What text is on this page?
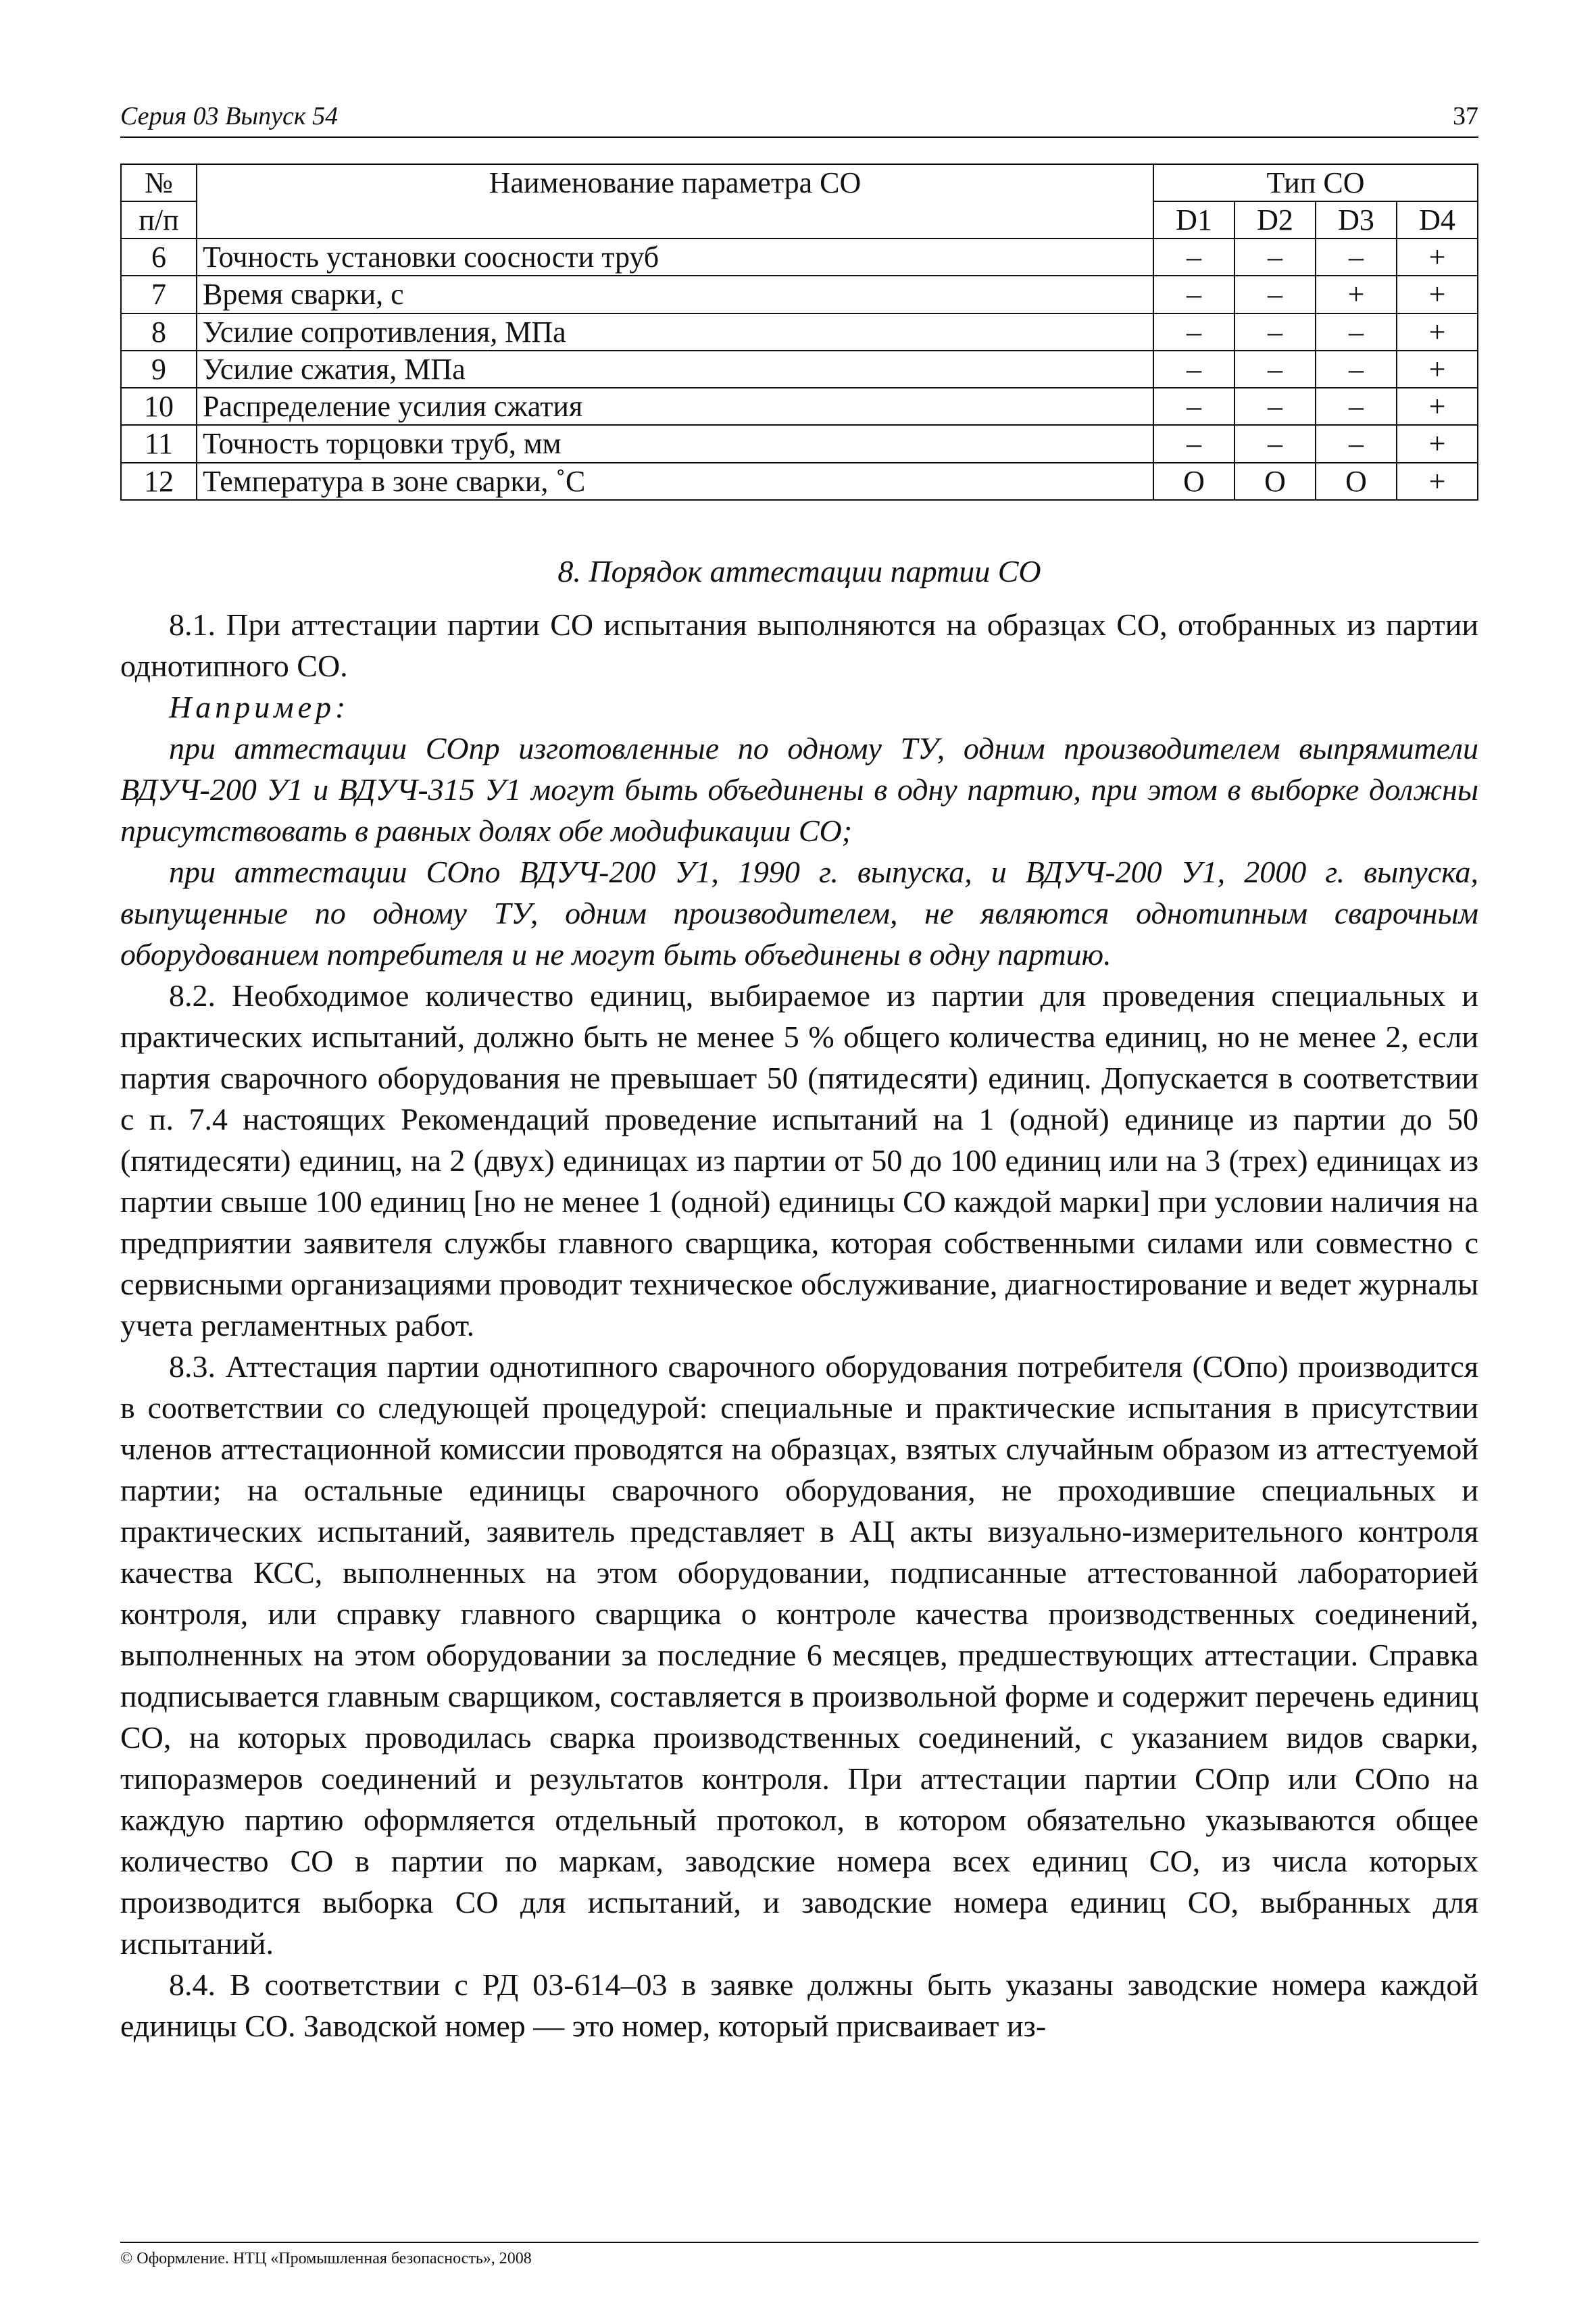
Серия 03 Выпуск 54	37
№	Наименование параметра СО	Тип СО			
п/п		D1	D2	D3	D4
6	Точность установки соосности труб	–	–	–	+
7	Время сварки, с	–	–	+	+
8	Усилие сопротивления, МПа	–	–	–	+
9	Усилие сжатия, МПа	–	–	–	+
10	Распределение усилия сжатия	–	–	–	+
11	Точность торцовки труб, мм	–	–	–	+
12	Температура в зоне сварки, ˚С	О	О	О	+
8. Порядок аттестации партии СО

8.1. При аттестации партии СО испытания выполняются на образцах СО, отобранных из партии однотипного СО.

Например:

при аттестации СОпр изготовленные по одному ТУ, одним производителем выпрямители ВДУЧ-200 У1 и ВДУЧ-315 У1 могут быть объединены в одну партию, при этом в выборке должны присутствовать в равных долях обе модификации СО;

при аттестации СОпо ВДУЧ-200 У1, 1990 г. выпуска, и ВДУЧ-200 У1, 2000 г. выпуска, выпущенные по одному ТУ, одним производителем, не являются однотипным сварочным оборудованием потребителя и не могут быть объединены в одну партию.

8.2. Необходимое количество единиц, выбираемое из партии для проведения специальных и практических испытаний, должно быть не менее 5 % общего количества единиц, но не менее 2, если партия сварочного оборудования не превышает 50 (пятидесяти) единиц. Допускается в соответствии с п. 7.4 настоящих Рекомендаций проведение испытаний на 1 (одной) единице из партии до 50 (пятидесяти) единиц, на 2 (двух) единицах из партии от 50 до 100 единиц или на 3 (трех) единицах из партии свыше 100 единиц [но не менее 1 (одной) единицы СО каждой марки] при условии наличия на предприятии заявителя службы главного сварщика, которая собственными силами или совместно с сервисными организациями проводит техническое обслуживание, диагностирование и ведет журналы учета регламентных работ.

8.3. Аттестация партии однотипного сварочного оборудования потребителя (СОпо) производится в соответствии со следующей процедурой: специальные и практические испытания в присутствии членов аттестационной комиссии проводятся на образцах, взятых случайным образом из аттестуемой партии; на остальные единицы сварочного оборудования, не проходившие специальных и практических испытаний, заявитель представляет в АЦ акты визуально-измерительного контроля качества КСС, выполненных на этом оборудовании, подписанные аттестованной лабораторией контроля, или справку главного сварщика о контроле качества производственных соединений, выполненных на этом оборудовании за последние 6 месяцев, предшествующих аттестации. Справка подписывается главным сварщиком, составляется в произвольной форме и содержит перечень единиц СО, на которых проводилась сварка производственных соединений, с указанием видов сварки, типоразмеров соединений и результатов контроля. При аттестации партии СОпр или СОпо на каждую партию оформляется отдельный протокол, в котором обязательно указываются общее количество СО в партии по маркам, заводские номера всех единиц СО, из числа которых производится выборка СО для испытаний, и заводские номера единиц СО, выбранных для испытаний.

8.4. В соответствии с РД 03-614–03 в заявке должны быть указаны заводские номера каждой единицы СО. Заводской номер — это номер, который присваивает из-

© Оформление. НТЦ «Промышленная безопасность», 2008
